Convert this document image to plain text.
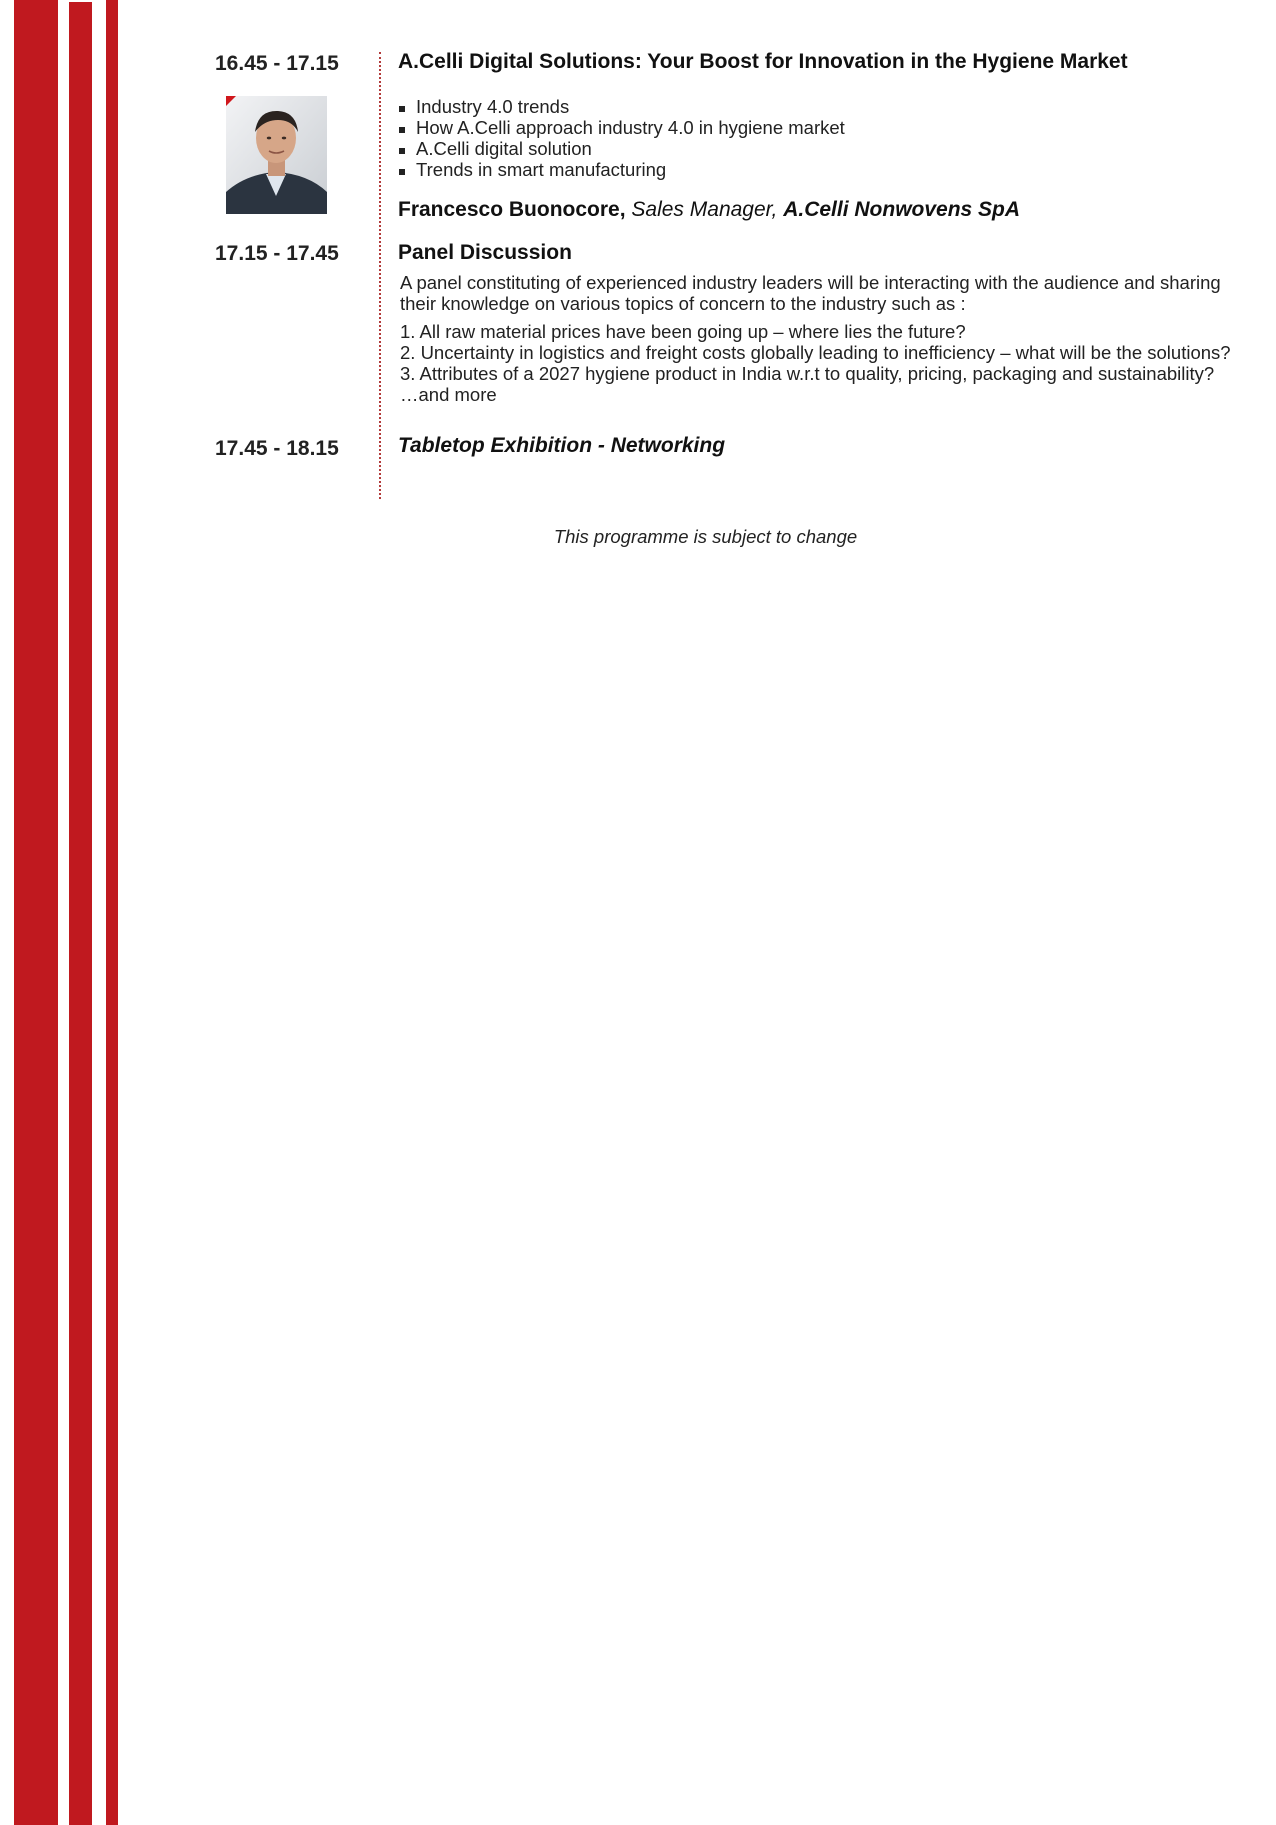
16.45 - 17.15	A.Celli Digital Solutions: Your Boost for Innovation in the Hygiene Market
Industry 4.0 trends
How A.Celli approach industry 4.0 in hygiene market
A.Celli digital solution
Trends in smart manufacturing
Francesco Buonocore, Sales Manager, A.Celli Nonwovens SpA
17.15 - 17.45	Panel Discussion

A panel constituting of experienced industry leaders will be interacting with the audience and sharing their knowledge on various topics of concern to the industry such as :

1. All raw material prices have been going up – where lies the future?
2. Uncertainty in logistics and freight costs globally leading to inefficiency – what will be the solutions?
3. Attributes of a 2027 hygiene product in India w.r.t to quality, pricing, packaging and sustainability?
…and more
17.45 - 18.15	Tabletop Exhibition - Networking
This programme is subject to change
